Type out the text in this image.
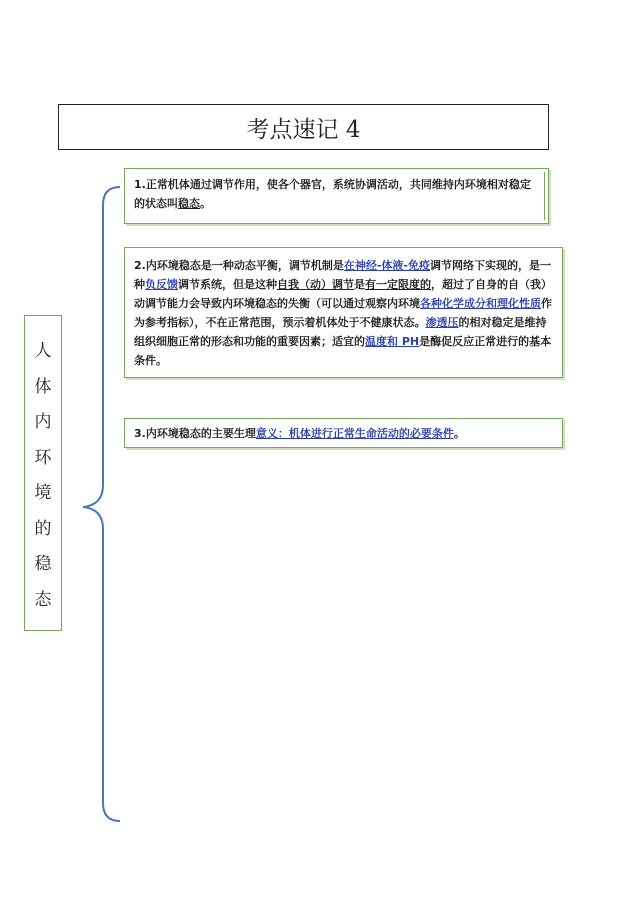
考点速记 4
人
体
内
环
境
的
稳
态
1.正常机体通过调节作用，使各个器官，系统协调活动，共同维持内环境相对稳定的状态叫稳态。
2.内环境稳态是一种动态平衡，调节机制是在神经-体液-免疫调节网络下实现的，是一种负反馈调节系统，但是这种自我（动）调节是有一定限度的，超过了自身的自（我）动调节能力会导致内环境稳态的失衡（可以通过观察内环境各种化学成分和理化性质作为参考指标），不在正常范围，预示着机体处于不健康状态。渗透压的相对稳定是维持组织细胞正常的形态和功能的重要因素；适宜的温度和 PH是酶促反应正常进行的基本条件。
3.内环境稳态的主要生理意义：机体进行正常生命活动的必要条件。
